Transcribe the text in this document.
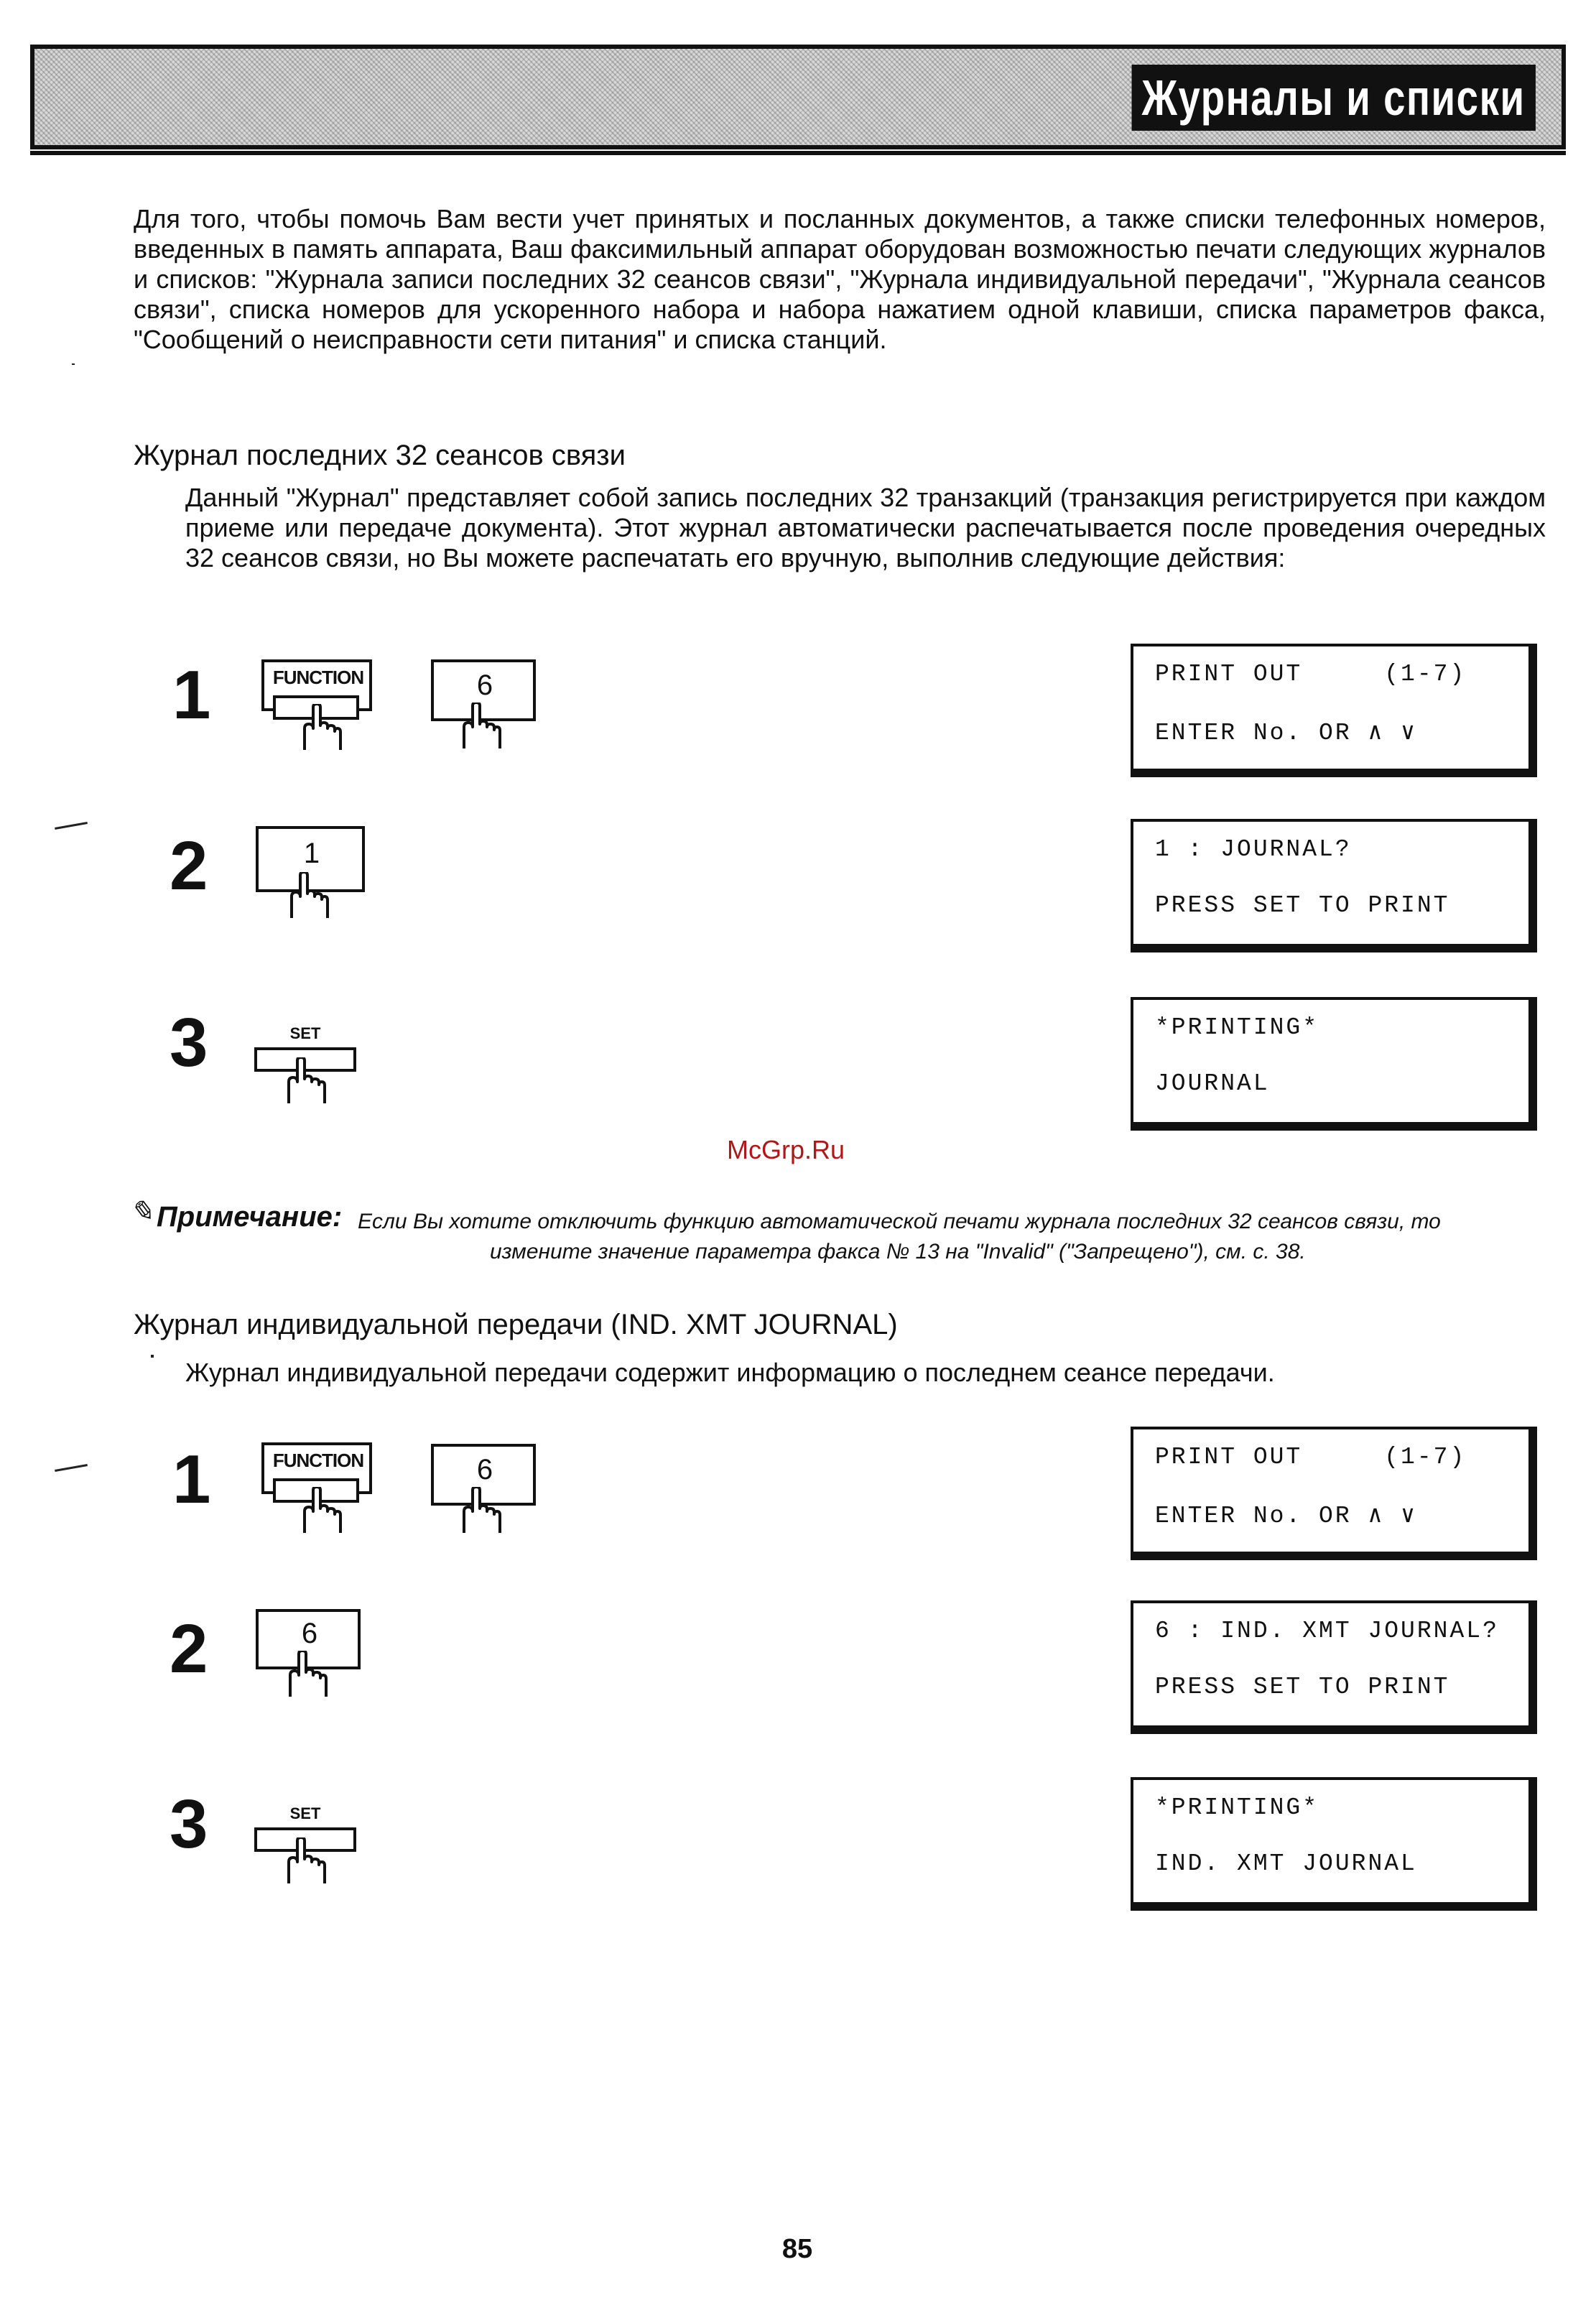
Журналы и списки
Для того, чтобы помочь Вам вести учет принятых и посланных документов, а также списки телефонных номеров, введенных в память аппарата, Ваш факсимильный аппарат оборудован возможностью печати следующих журналов и списков: "Журнала записи последних 32 сеансов связи", "Журнала индивидуальной передачи", "Журнала сеансов связи", списка номеров для ускоренного набора и набора нажатием одной клавиши, списка параметров факса, "Сообщений о неисправности сети питания" и списка станций.
Журнал последних 32 сеансов связи
Данный "Журнал" представляет собой запись последних 32 транзакций (транзакция регистрируется при каждом приеме или передаче документа). Этот журнал автоматически распечатывается после проведения очередных 32 сеансов связи, но Вы можете распечатать его вручную, выполнив следующие действия:
1	FUNCTION	6	PRINT OUT     (1-7)
ENTER No. OR ∧ ∨
2	1	1 : JOURNAL?
PRESS SET TO PRINT
3	SET	*PRINTING*
JOURNAL
McGrp.Ru
✎ Примечание: Если Вы хотите отключить функцию автоматической печати журнала последних 32 сеансов связи, то
измените значение параметра факса № 13 на "Invalid" ("Запрещено"), см. с. 38.
Журнал индивидуальной передачи (IND. XMT JOURNAL)
Журнал индивидуальной передачи содержит информацию о последнем сеансе передачи.
1	FUNCTION	6	PRINT OUT     (1-7)
ENTER No. OR ∧ ∨
2	6	6 : IND. XMT JOURNAL?
PRESS SET TO PRINT
3	SET	*PRINTING*
IND. XMT JOURNAL
85
